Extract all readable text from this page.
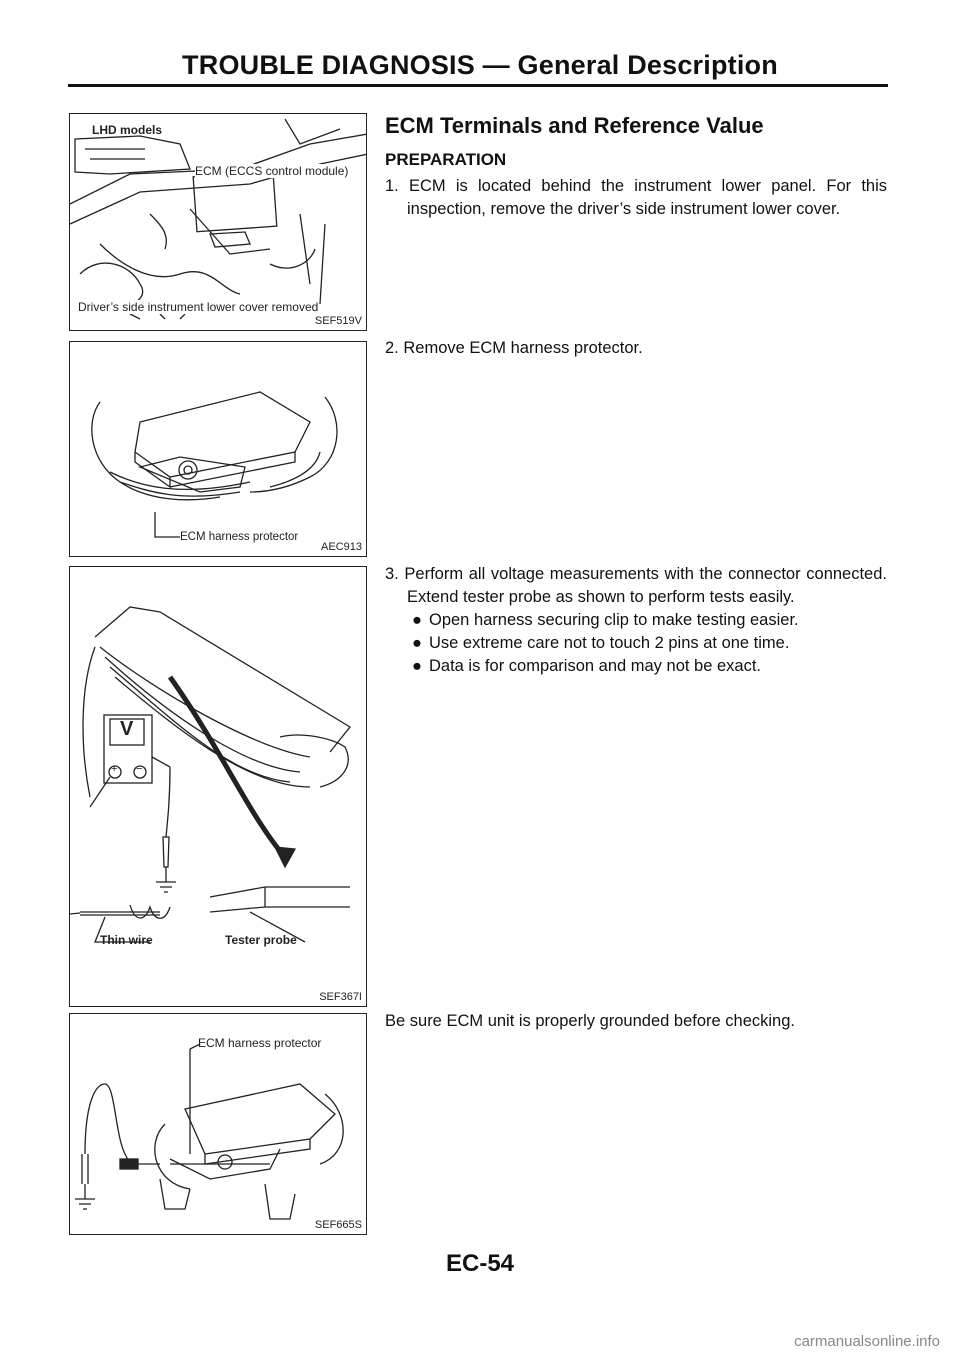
TROUBLE DIAGNOSIS — General Description
LHD models
ECM (ECCS control module)
Driver’s side instrument lower cover removed
SEF519V
ECM harness protector
AEC913
V
+ −
Thin wire	Tester probe
SEF367I
ECM harness protector
SEF665S
ECM Terminals and Reference Value
PREPARATION
1. ECM is located behind the instrument lower panel. For this inspection, remove the driver’s side instrument lower cover.
2. Remove ECM harness protector.
3. Perform all voltage measurements with the connector connected. Extend tester probe as shown to perform tests easily.
● Open harness securing clip to make testing easier.
● Use extreme care not to touch 2 pins at one time.
● Data is for comparison and may not be exact.
Be sure ECM unit is properly grounded before checking.
EC-54
carmanualsonline.info
